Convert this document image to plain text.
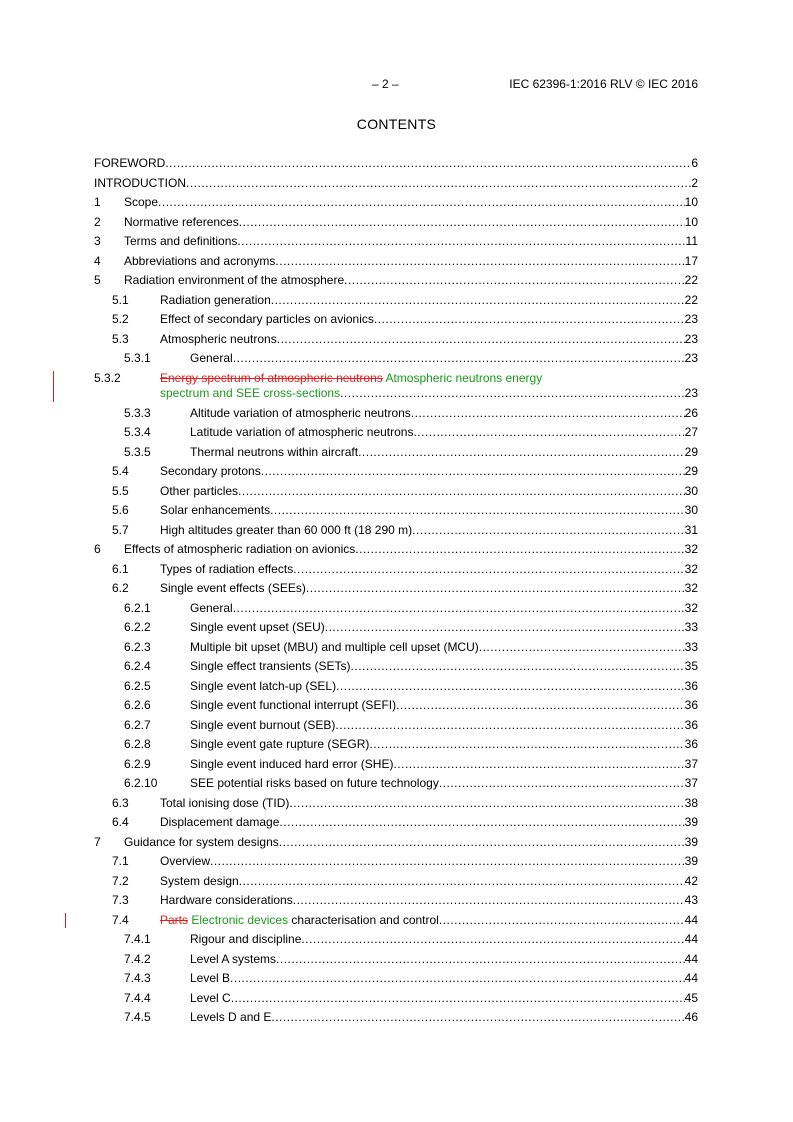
– 2 –	IEC 62396-1:2016 RLV © IEC 2016
CONTENTS
FOREWORD .....	6
INTRODUCTION .....	2
1	Scope .....	10
2	Normative references .....	10
3	Terms and definitions .....	11
4	Abbreviations and acronyms .....	17
5	Radiation environment of the atmosphere .....	22
5.1	Radiation generation .....	22
5.2	Effect of secondary particles on avionics .....	23
5.3	Atmospheric neutrons .....	23
5.3.1	General .....	23
5.3.2	Energy spectrum of atmospheric neutrons Atmospheric neutrons energy
spectrum and SEE cross-sections .....	23
5.3.3	Altitude variation of atmospheric neutrons .....	26
5.3.4	Latitude variation of atmospheric neutrons .....	27
5.3.5	Thermal neutrons within aircraft .....	29
5.4	Secondary protons .....	29
5.5	Other particles .....	30
5.6	Solar enhancements .....	30
5.7	High altitudes greater than 60 000 ft (18 290 m) .....	31
6	Effects of atmospheric radiation on avionics .....	32
6.1	Types of radiation effects .....	32
6.2	Single event effects (SEEs) .....	32
6.2.1	General .....	32
6.2.2	Single event upset (SEU) .....	33
6.2.3	Multiple bit upset (MBU) and multiple cell upset (MCU) .....	33
6.2.4	Single effect transients (SETs) .....	35
6.2.5	Single event latch-up (SEL) .....	36
6.2.6	Single event functional interrupt (SEFI) .....	36
6.2.7	Single event burnout (SEB) .....	36
6.2.8	Single event gate rupture (SEGR) .....	36
6.2.9	Single event induced hard error (SHE) .....	37
6.2.10	SEE potential risks based on future technology .....	37
6.3	Total ionising dose (TID) .....	38
6.4	Displacement damage .....	39
7	Guidance for system designs .....	39
7.1	Overview .....	39
7.2	System design .....	42
7.3	Hardware considerations .....	43
7.4	Parts Electronic devices characterisation and control .....	44
7.4.1	Rigour and discipline .....	44
7.4.2	Level A systems .....	44
7.4.3	Level B .....	44
7.4.4	Level C .....	45
7.4.5	Levels D and E .....	46
